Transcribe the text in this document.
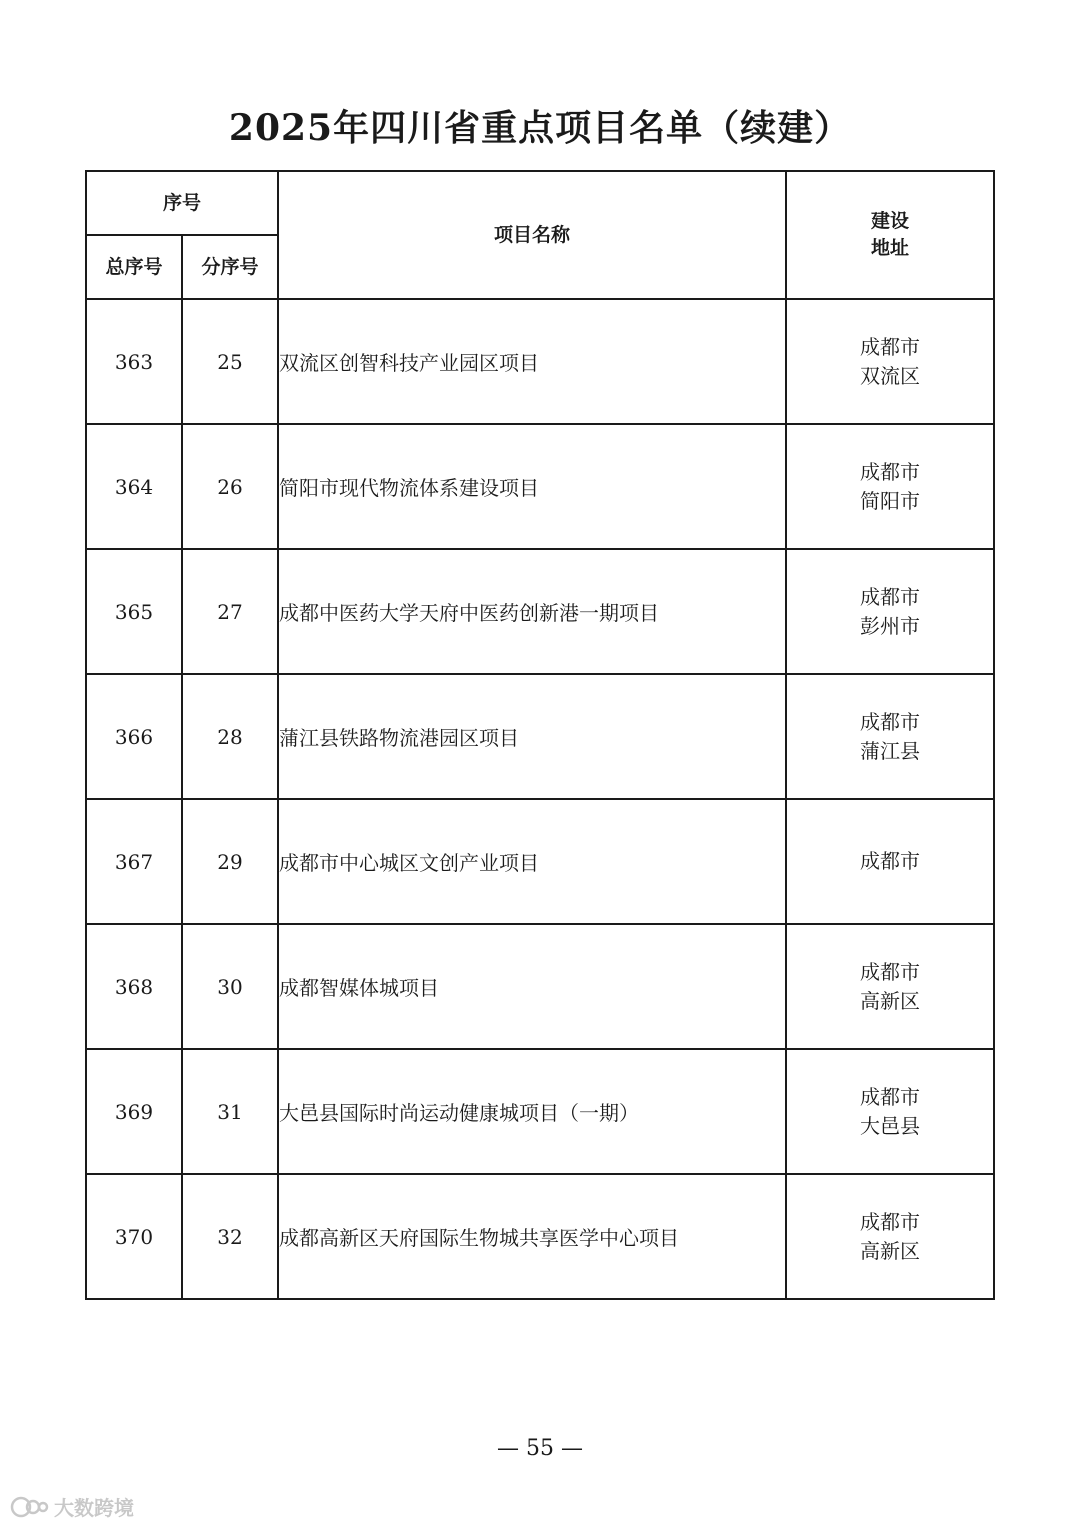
2025年四川省重点项目名单（续建）
序号		项目名称	建设
地址

总序号	分序号		
363	25	双流区创智科技产业园区项目	成都市
双流区

364	26	简阳市现代物流体系建设项目	成都市
简阳市

365	27	成都中医药大学天府中医药创新港一期项目	成都市
彭州市

366	28	蒲江县铁路物流港园区项目	成都市
蒲江县

367	29	成都市中心城区文创产业项目	成都市

368	30	成都智媒体城项目	成都市
高新区

369	31	大邑县国际时尚运动健康城项目（一期）	成都市
大邑县

370	32	成都高新区天府国际生物城共享医学中心项目	成都市
高新区
— 55 —
大数跨境
